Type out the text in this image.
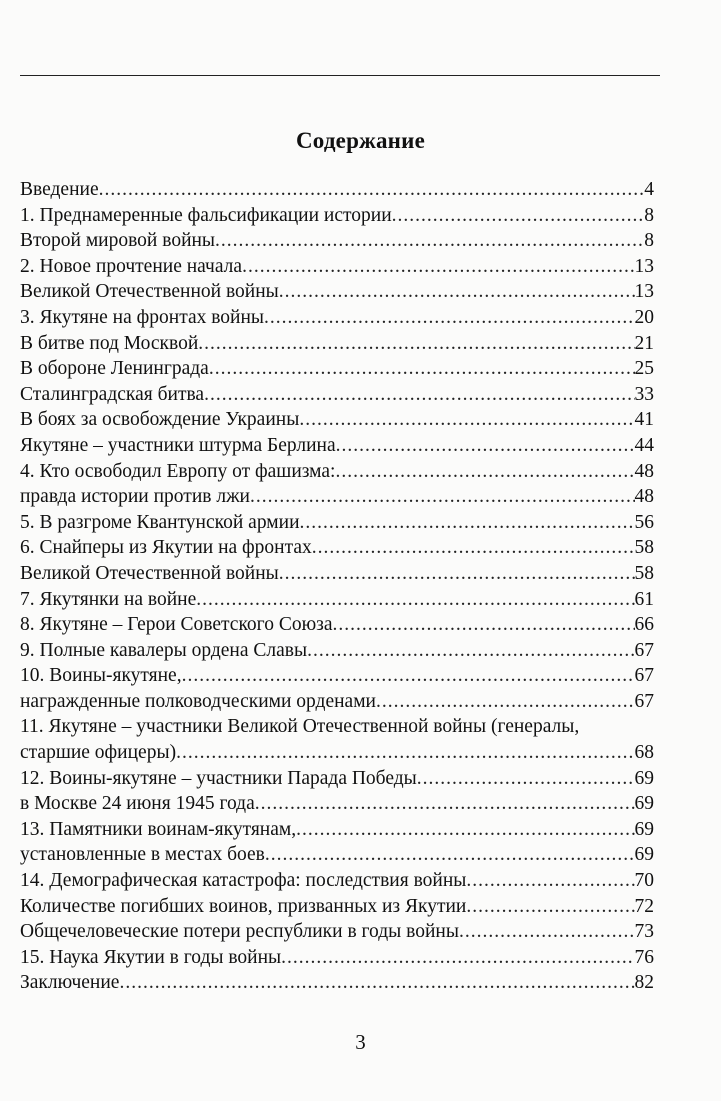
Содержание
Введение .....	4
1. Преднамеренные фальсификации истории .....	8
Второй мировой войны .....	8
2. Новое прочтение начала .....	13
Великой Отечественной войны .....	13
3. Якутяне на фронтах войны .....	20
В битве под Москвой .....	21
В обороне Ленинграда .....	25
Сталинградская битва .....	33
В боях за освобождение Украины .....	41
Якутяне – участники штурма Берлина .....	44
4. Кто освободил Европу от фашизма: .....	48
правда истории против лжи .....	48
5. В разгроме Квантунской армии .....	56
6. Снайперы из Якутии на фронтах .....	58
Великой Отечественной войны .....	58
7. Якутянки на войне .....	61
8. Якутяне – Герои Советского Союза .....	66
9. Полные кавалеры ордена Славы .....	67
10. Воины-якутяне, .....	67
награжденные полководческими орденами .....	67
11. Якутяне – участники Великой Отечественной войны (генералы,
старшие офицеры) .....	68
12. Воины-якутяне – участники Парада Победы .....	69
в Москве 24 июня 1945 года .....	69
13. Памятники воинам-якутянам, .....	69
установленные в местах боев .....	69
14. Демографическая катастрофа: последствия войны .....	70
Количестве погибших воинов, призванных из Якутии .....	72
Общечеловеческие потери республики в годы войны .....	73
15. Наука Якутии в годы войны .....	76
Заключение .....	82
3
